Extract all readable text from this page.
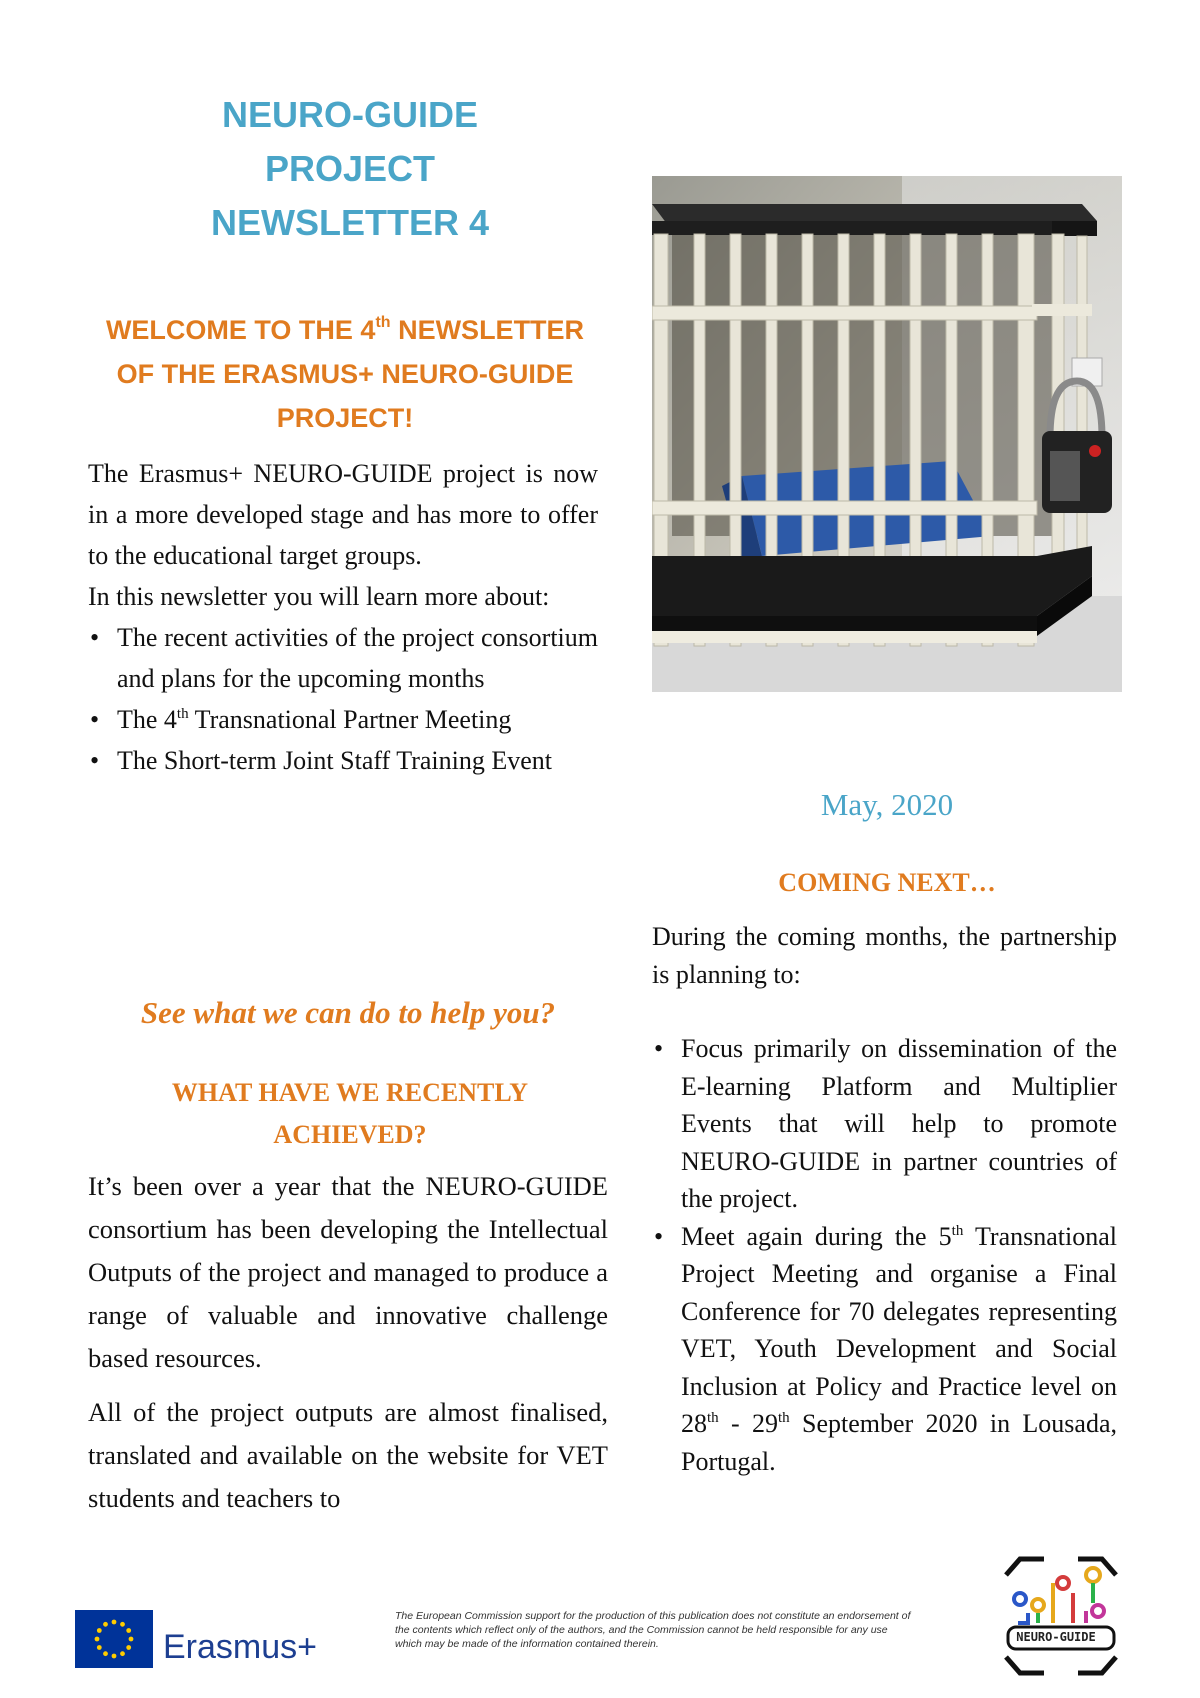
NEURO-GUIDE
PROJECT
NEWSLETTER 4
WELCOME TO THE 4th NEWSLETTER OF THE ERASMUS+ NEURO-GUIDE PROJECT!

The Erasmus+ NEURO-GUIDE project is now in a more developed stage and has more to offer to the educational target groups.

In this newsletter you will learn more about:

• The recent activities of the project consortium and plans for the upcoming months
• The 4th Transnational Partner Meeting
• The Short-term Joint Staff Training Event
See what we can do to help you?
WHAT HAVE WE RECENTLY ACHIEVED?

It’s been over a year that the NEURO-GUIDE consortium has been developing the Intellectual Outputs of the project and managed to produce a range of valuable and innovative challenge based resources.

All of the project outputs are almost finalised, translated and available on the website for VET students and teachers to

May, 2020
COMING NEXT…

During the coming months, the partnership is planning to:

• Focus primarily on dissemination of the E-learning Platform and Multiplier Events that will help to promote NEURO-GUIDE in partner countries of the project.
• Meet again during the 5th Transnational Project Meeting and organise a Final Conference for 70 delegates representing VET, Youth Development and Social Inclusion at Policy and Practice level on 28th - 29th September 2020 in Lousada, Portugal.
Erasmus+
The European Commission support for the production of this publication does not constitute an endorsement of the contents which reflect only of the authors, and the Commission cannot be held responsible for any use which may be made of the information contained therein.	NEURO-GUIDE
